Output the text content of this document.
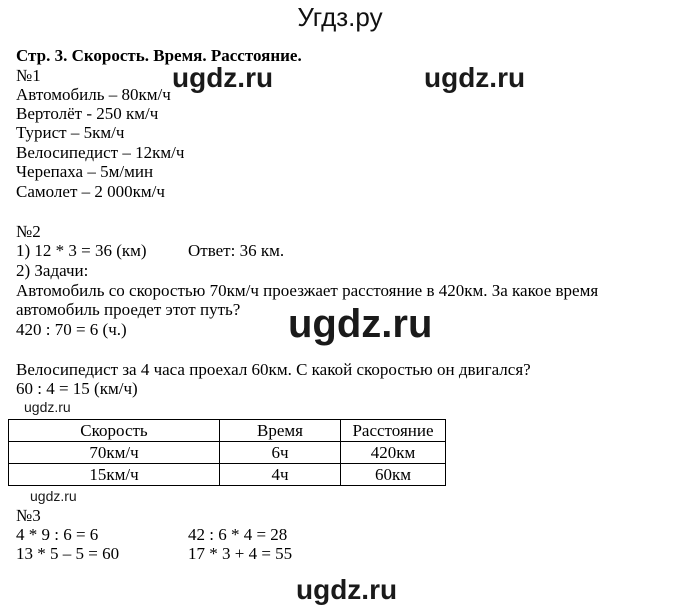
Угдз.ру
ugdz.ru	ugdz.ru
Стр. 3. Скорость. Время. Расстояние.
№1
Автомобиль – 80км/ч
Вертолёт - 250 км/ч
Турист – 5км/ч
Велосипедист – 12км/ч
Черепаха – 5м/мин
Самолет – 2 000км/ч
№2
1) 12 * 3 = 36 (км) Ответ: 36 км.
2) Задачи:
Автомобиль со скоростью 70км/ч проезжает расстояние в 420км. За какое время
автомобиль проедет этот путь?
420 : 70 = 6 (ч.)	ugdz.ru
Велосипедист за 4 часа проехал 60км. С какой скоростью он двигался?
60 : 4 = 15 (км/ч)
ugdz.ru
Скорость	Время	Расстояние
70км/ч	6ч	420км
15км/ч	4ч	60км
ugdz.ru
№3
4 * 9 : 6 = 6	42 : 6 * 4 = 28
13 * 5 – 5 = 60	17 * 3 + 4 = 55
ugdz.ru
